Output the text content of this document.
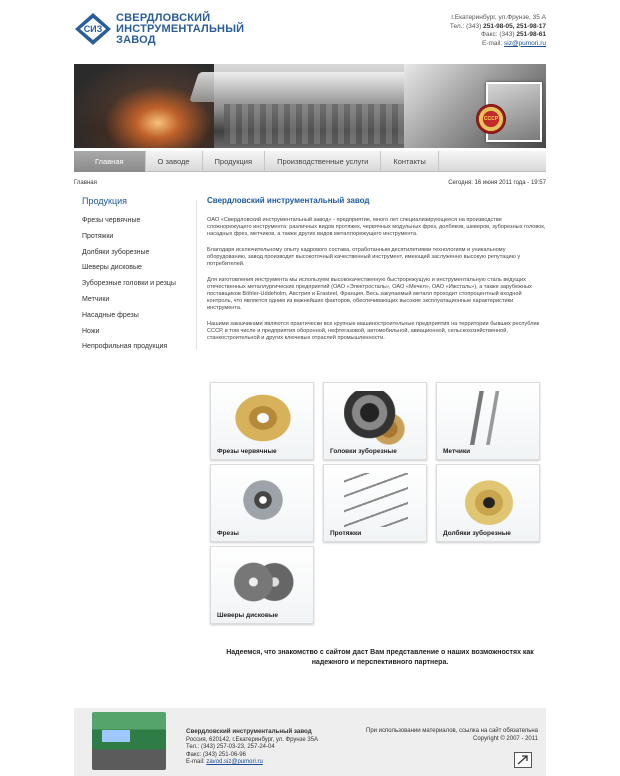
СИЗ
СВЕРДЛОВСКИЙ
ИНСТРУМЕНТАЛЬНЫЙ
ЗАВОД
г.Екатеринбург, ул.Фрунзе, 35 А
Тел.: (343) 251-98-05, 251-98-17
Факс: (343) 251-98-61
E-mail: siz@pumori.ru
СССР
Главная	О заводе	Продукция	Производственные услуги	Контакты
Главная	Сегодня: 16 июня 2011 года - 19:57
Продукция
Фрезы червячные
Протяжки
Долбяки зуборезные
Шеверы дисковые
Зуборезные головки и резцы
Метчики
Насадные фрезы
Ножи
Непрофильная продукция
Свердловский инструментальный завод

ОАО «Свердловский инструментальный завод» - предприятие, много лет специализирующееся на производстве сложнорежущего инструмента: различных видов протяжек, червячных модульных фрез, долбяков, шеверов, зуборезных головок, насадных фрез, метчиков, а также других видов металлорежущего инструмента.

Благодаря исключительному опыту кадрового состава, отработанным десятилетиями технологиям и уникальному оборудованию, завод производит высокоточный качественный инструмент, имеющий заслуженно высокую репутацию у потребителей.

Для изготовления инструмента мы используем высококачественную быстрорежущую и инструментальную сталь ведущих отечественных металлургических предприятий (ОАО «Электросталь», ОАО «Мечел», ОАО «Ижсталь»), а также зарубежных поставщиков Böhler-Uddeholm, Австрия и Erasteel, Франция. Весь закупаемый металл проходит стопроцентный входной контроль, что является одним из важнейших факторов, обеспечивающих высокие эксплуатационные характеристики инструмента.

Нашими заказчиками являются практически все крупные машиностроительные предприятия на территории бывших республик СССР, в том числе и предприятия оборонной, нефтегазовой, автомобильной, авиационной, сельскохозяйственной, станкостроительной и других ключевых отраслей промышленности.

Фрезы червячные	Головки зуборезные	Метчики
Фрезы	Протяжки	Долбяки зуборезные
Шеверы дисковые
Надеемся, что знакомство с сайтом даст Вам представление о наших возможностях как
надежного и перспективного партнера.
Свердловский инструментальный завод
Россия, 620142, г.Екатеринбург, ул. Фрунзе 35А
Тел.: (343) 257-03-23, 257-24-04
Факс: (343) 251-06-96
E-mail: zavod.siz@pumori.ru
При использовании материалов, ссылка на сайт обязательна
Copyright © 2007 - 2011
